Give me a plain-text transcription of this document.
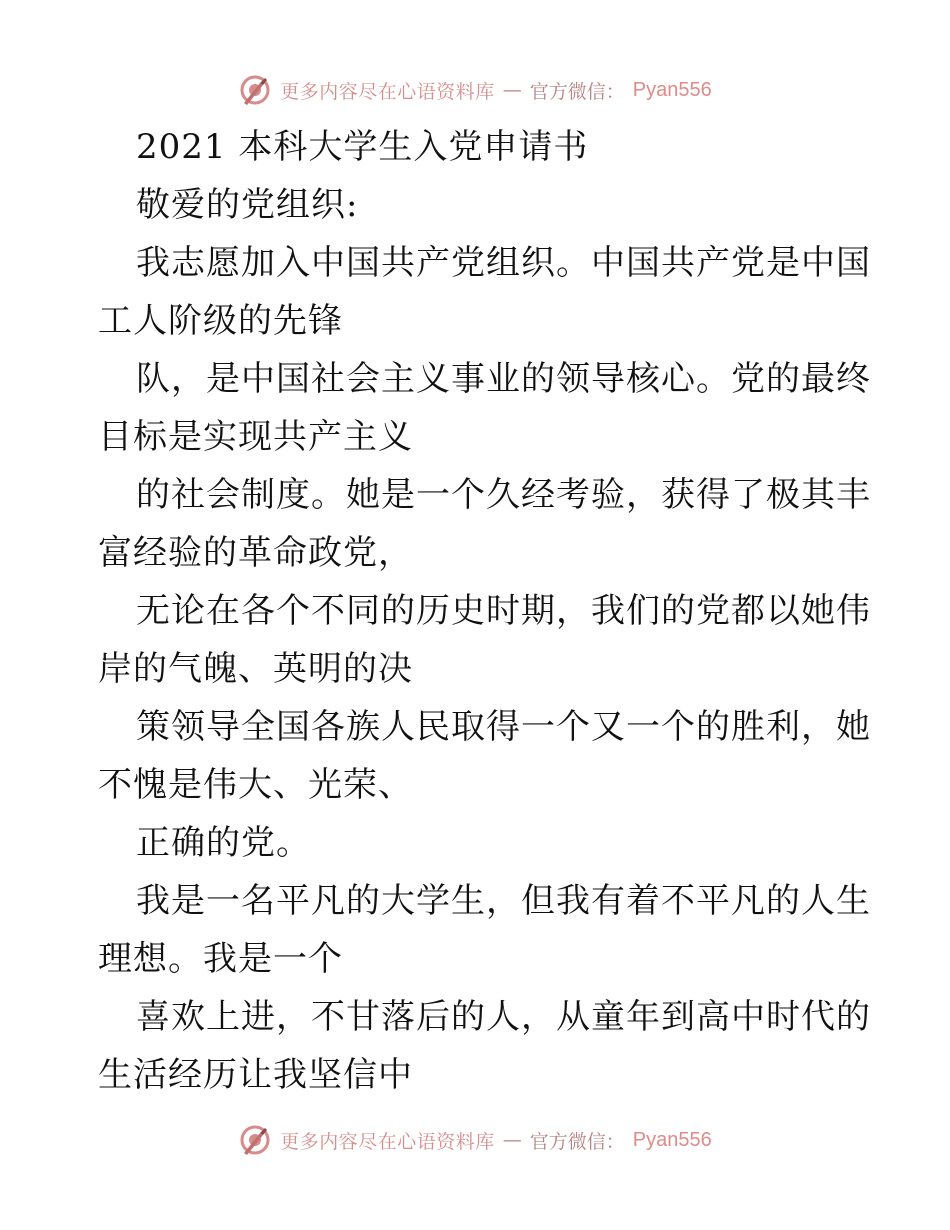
更多内容尽在心语资料库 — 官方微信： Pyan556

2021 本科大学生入党申请书

敬爱的党组织:

我志愿加入中国共产党组织。中国共产党是中国

工人阶级的先锋

队，是中国社会主义事业的领导核心。党的最终

目标是实现共产主义

的社会制度。她是一个久经考验，获得了极其丰

富经验的革命政党，

无论在各个不同的历史时期，我们的党都以她伟

岸的气魄、英明的决

策领导全国各族人民取得一个又一个的胜利，她

不愧是伟大、光荣、

正确的党。

我是一名平凡的大学生，但我有着不平凡的人生

理想。我是一个

喜欢上进，不甘落后的人，从童年到高中时代的

生活经历让我坚信中

更多内容尽在心语资料库 — 官方微信： Pyan556
